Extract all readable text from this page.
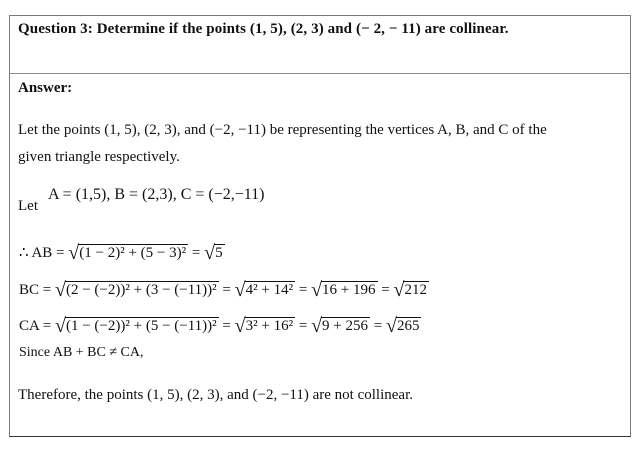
Question 3: Determine if the points (1, 5), (2, 3) and (− 2, − 11) are collinear.
Answer:
Let the points (1, 5), (2, 3), and (−2, −11) be representing the vertices A, B, and C of the
given triangle respectively.
Let
A = (1,5), B = (2,3), C = (−2,−11)
∴ AB = √(1 − 2)² + (5 − 3)² = √5
BC = √(2 − (−2))² + (3 − (−11))² = √4² + 14² = √16 + 196 = √212
CA = √(1 − (−2))² + (5 − (−11))² = √3² + 16² = √9 + 256 = √265
Since AB + BC ≠ CA,
Therefore, the points (1, 5), (2, 3), and (−2, −11) are not collinear.
